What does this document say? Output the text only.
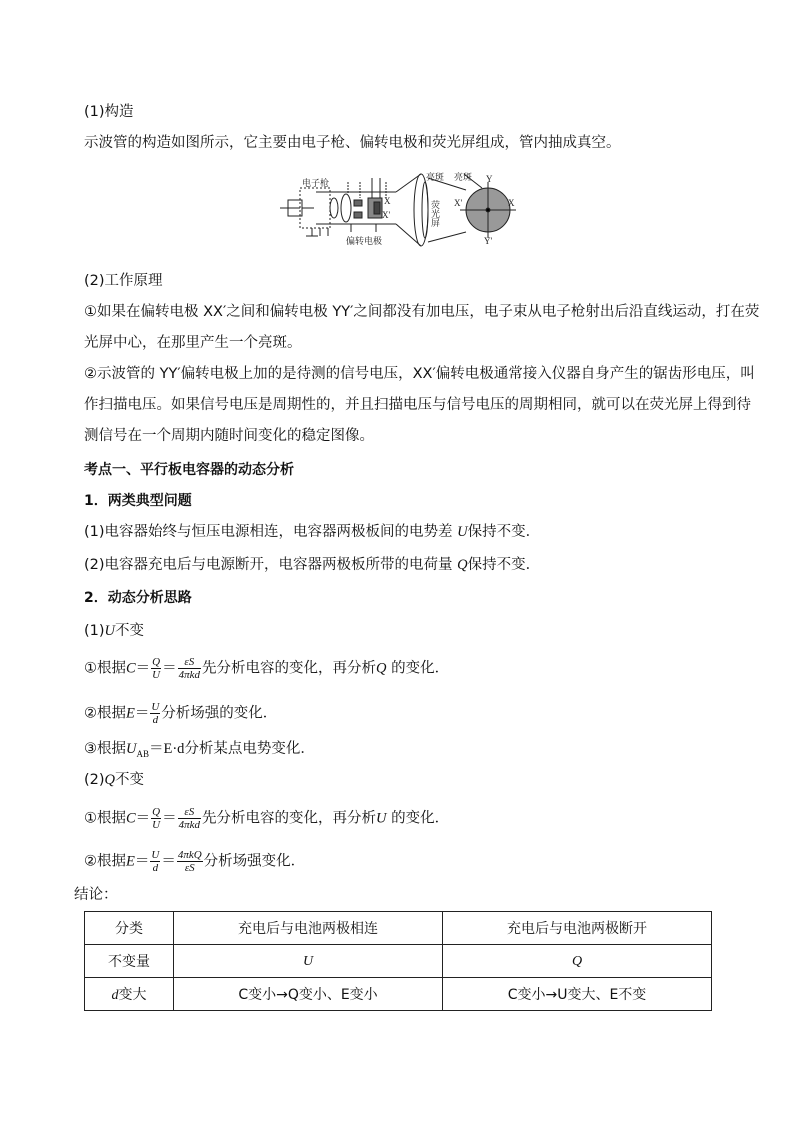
(1)构造
示波管的构造如图所示，它主要由电子枪、偏转电极和荧光屏组成，管内抽成真空。
电子枪
偏转电极
亮斑 亮斑
荧光屏
X
X'
Y
Y'
X
X'
(2)工作原理
①如果在偏转电极 XX′之间和偏转电极 YY′之间都没有加电压，电子束从电子枪射出后沿直线运动，打在荧
光屏中心，在那里产生一个亮斑。
②示波管的 YY′偏转电极上加的是待测的信号电压，XX′偏转电极通常接入仪器自身产生的锯齿形电压，叫
作扫描电压。如果信号电压是周期性的，并且扫描电压与信号电压的周期相同，就可以在荧光屏上得到待
测信号在一个周期内随时间变化的稳定图像。
考点一、平行板电容器的动态分析
1．两类典型问题
(1)电容器始终与恒压电源相连，电容器两极板间的电势差 U保持不变．
(2)电容器充电后与电源断开，电容器两极板所带的电荷量 Q保持不变．
2．动态分析思路
(1)U不变
①根据$C= \frac{Q}{U} = \frac{\varepsilon S}{\text{4πkd}}$ 先分析电容的变化，再分析Q 的变化．
②根据$E= \frac{U}{d}$ 分析场强的变化．
③根据$U_{AB}=E\cdot d$分析某点电势变化．
(2)Q不变
①根据$C= \frac{Q}{U} = \frac{\varepsilon S}{\text{4πkd}}$ 先分析电容的变化，再分析U 的变化．
②根据$E= \frac{U}{d} = \frac{\text{4πkQ}}{\varepsilon S}$ 分析场强变化．
结论：
分类	充电后与电池两极相连	充电后与电池两极断开
不变量	U	Q
d变大	C变小→Q变小、E变小	C变小→U变大、E不变
